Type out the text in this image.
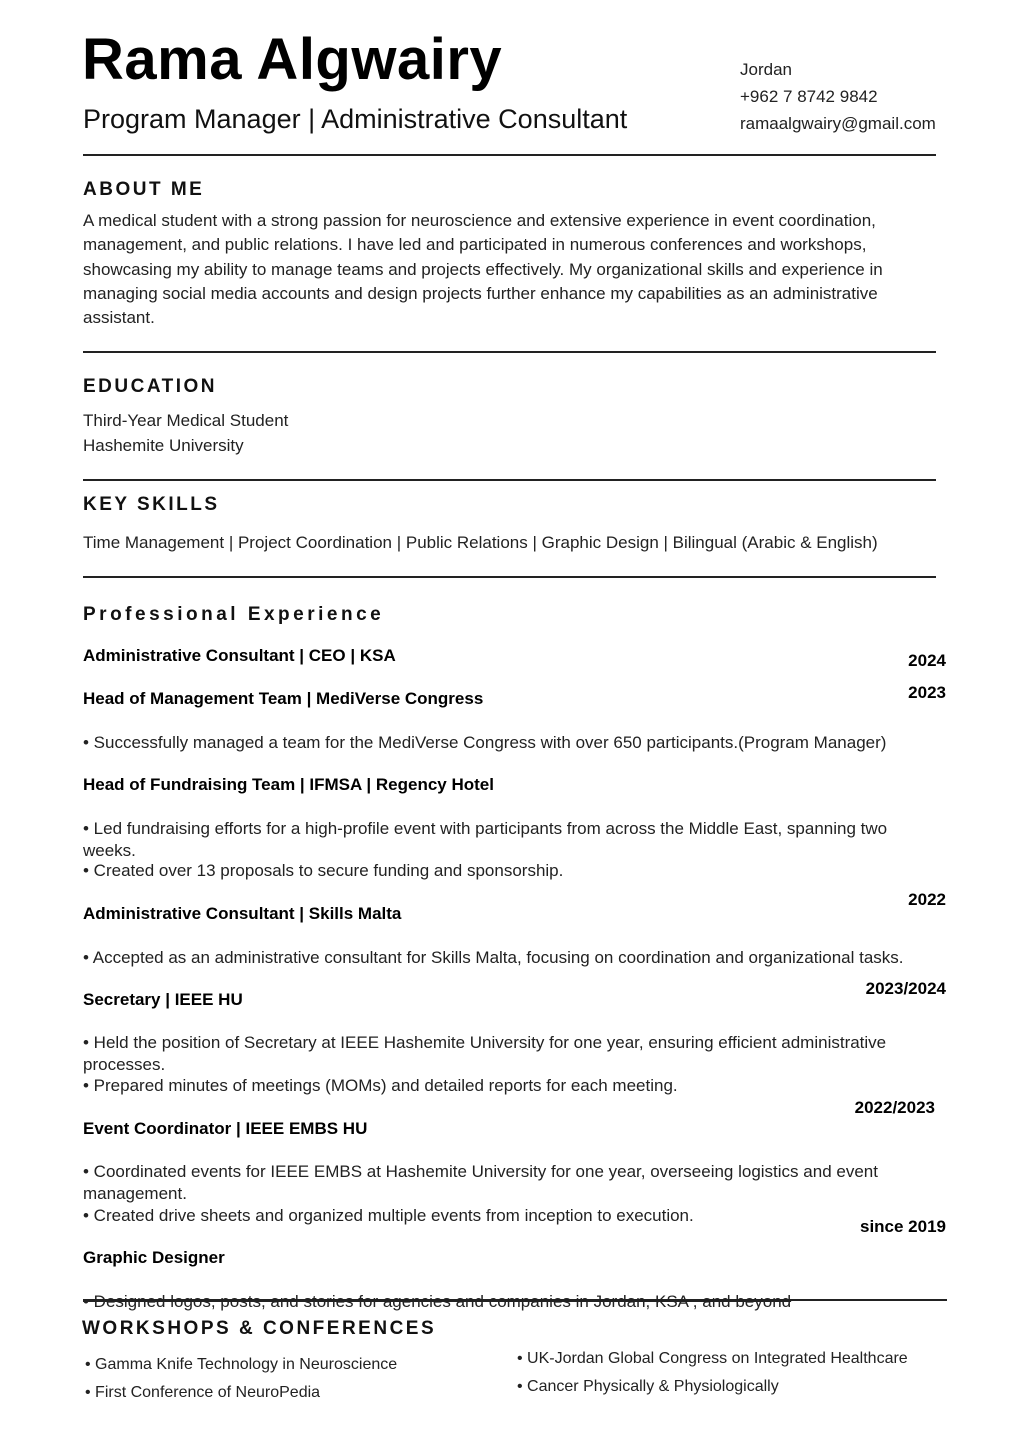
Rama Algwairy
Program Manager | Administrative Consultant
Jordan
+962 7 8742 9842
ramaalgwairy@gmail.com
ABOUT ME
A medical student with a strong passion for neuroscience and extensive experience in event coordination,
management, and public relations. I have led and participated in numerous conferences and workshops,
showcasing my ability to manage teams and projects effectively. My organizational skills and experience in
managing social media accounts and design projects further enhance my capabilities as an administrative
assistant.
EDUCATION
Third-Year Medical Student
Hashemite University
KEY SKILLS
Time Management | Project Coordination | Public Relations | Graphic Design | Bilingual (Arabic & English)
Professional Experience
Administrative Consultant | CEO | KSA	2024
2023
Head of Management Team | MediVerse Congress
• Successfully managed a team for the MediVerse Congress with over 650 participants.(Program Manager)
Head of Fundraising Team | IFMSA | Regency Hotel
• Led fundraising efforts for a high-profile event with participants from across the Middle East, spanning two weeks.
• Created over 13 proposals to secure funding and sponsorship.
2022
Administrative Consultant | Skills Malta
• Accepted as an administrative consultant for Skills Malta, focusing on coordination and organizational tasks.
2023/2024
Secretary | IEEE HU
• Held the position of Secretary at IEEE Hashemite University for one year, ensuring efficient administrative processes.
• Prepared minutes of meetings (MOMs) and detailed reports for each meeting.
2022/2023
Event Coordinator | IEEE EMBS HU
• Coordinated events for IEEE EMBS at Hashemite University for one year, overseeing logistics and event management.
• Created drive sheets and organized multiple events from inception to execution.
since 2019
Graphic Designer
• Designed logos, posts, and stories for agencies and companies in Jordan, KSA , and beyond
WORKSHOPS & CONFERENCES
• Gamma Knife Technology in Neuroscience
• First Conference of NeuroPedia
• UK-Jordan Global Congress on Integrated Healthcare
• Cancer Physically & Physiologically
